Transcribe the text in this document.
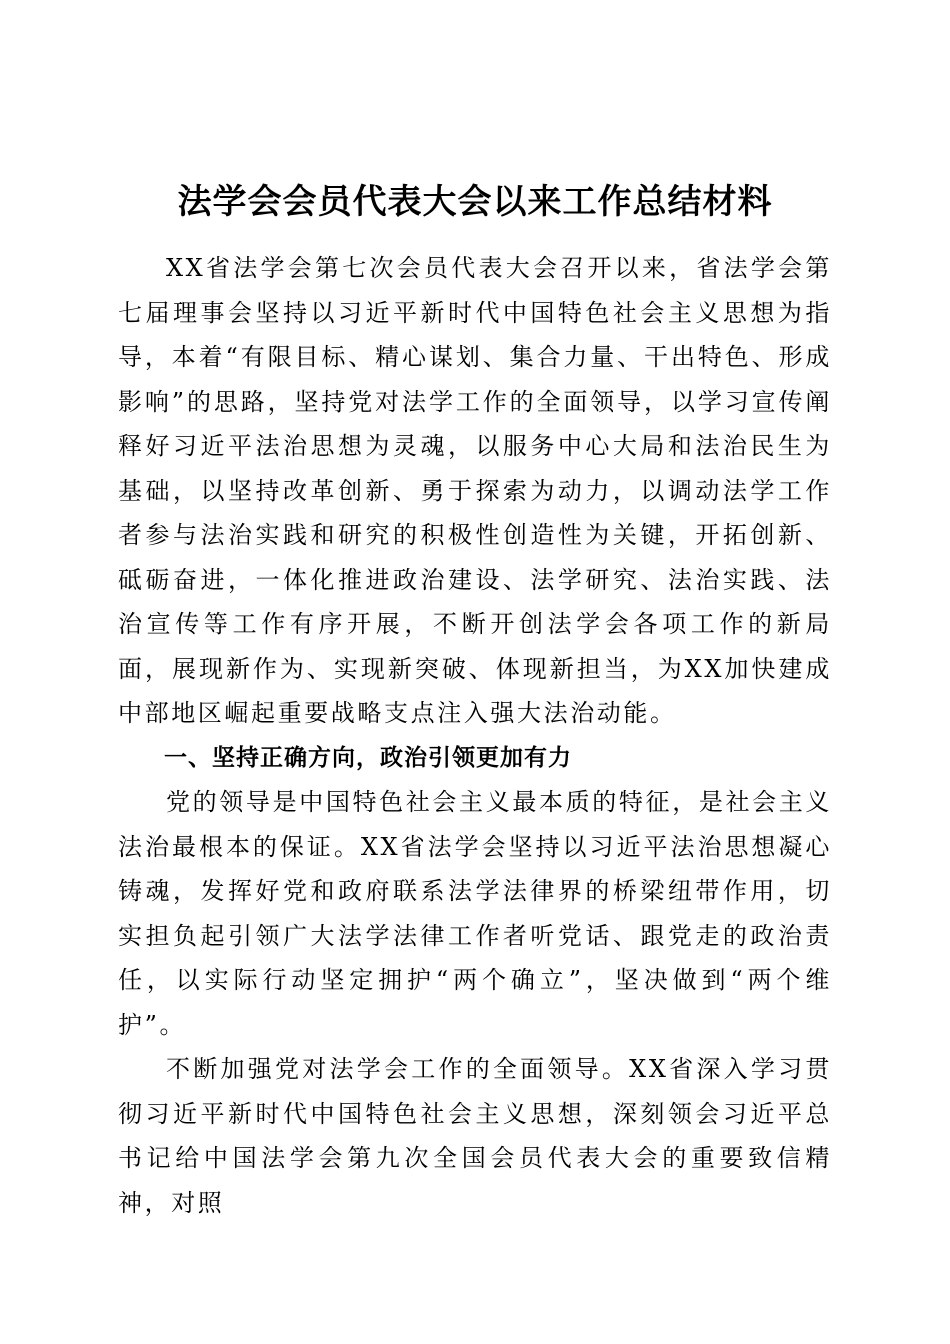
法学会会员代表大会以来工作总结材料

XX省法学会第七次会员代表大会召开以来，省法学会第七届理事会坚持以习近平新时代中国特色社会主义思想为指导，本着“有限目标、精心谋划、集合力量、干出特色、形成影响”的思路，坚持党对法学工作的全面领导，以学习宣传阐释好习近平法治思想为灵魂，以服务中心大局和法治民生为基础，以坚持改革创新、勇于探索为动力，以调动法学工作者参与法治实践和研究的积极性创造性为关键，开拓创新、砥砺奋进，一体化推进政治建设、法学研究、法治实践、法治宣传等工作有序开展，不断开创法学会各项工作的新局面，展现新作为、实现新突破、体现新担当，为XX加快建成中部地区崛起重要战略支点注入强大法治动能。

一、坚持正确方向，政治引领更加有力

党的领导是中国特色社会主义最本质的特征，是社会主义法治最根本的保证。XX省法学会坚持以习近平法治思想凝心铸魂，发挥好党和政府联系法学法律界的桥梁纽带作用，切实担负起引领广大法学法律工作者听党话、跟党走的政治责任，以实际行动坚定拥护“两个确立”，坚决做到“两个维护”。

不断加强党对法学会工作的全面领导。XX省深入学习贯彻习近平新时代中国特色社会主义思想，深刻领会习近平总书记给中国法学会第九次全国会员代表大会的重要致信精神，对照
